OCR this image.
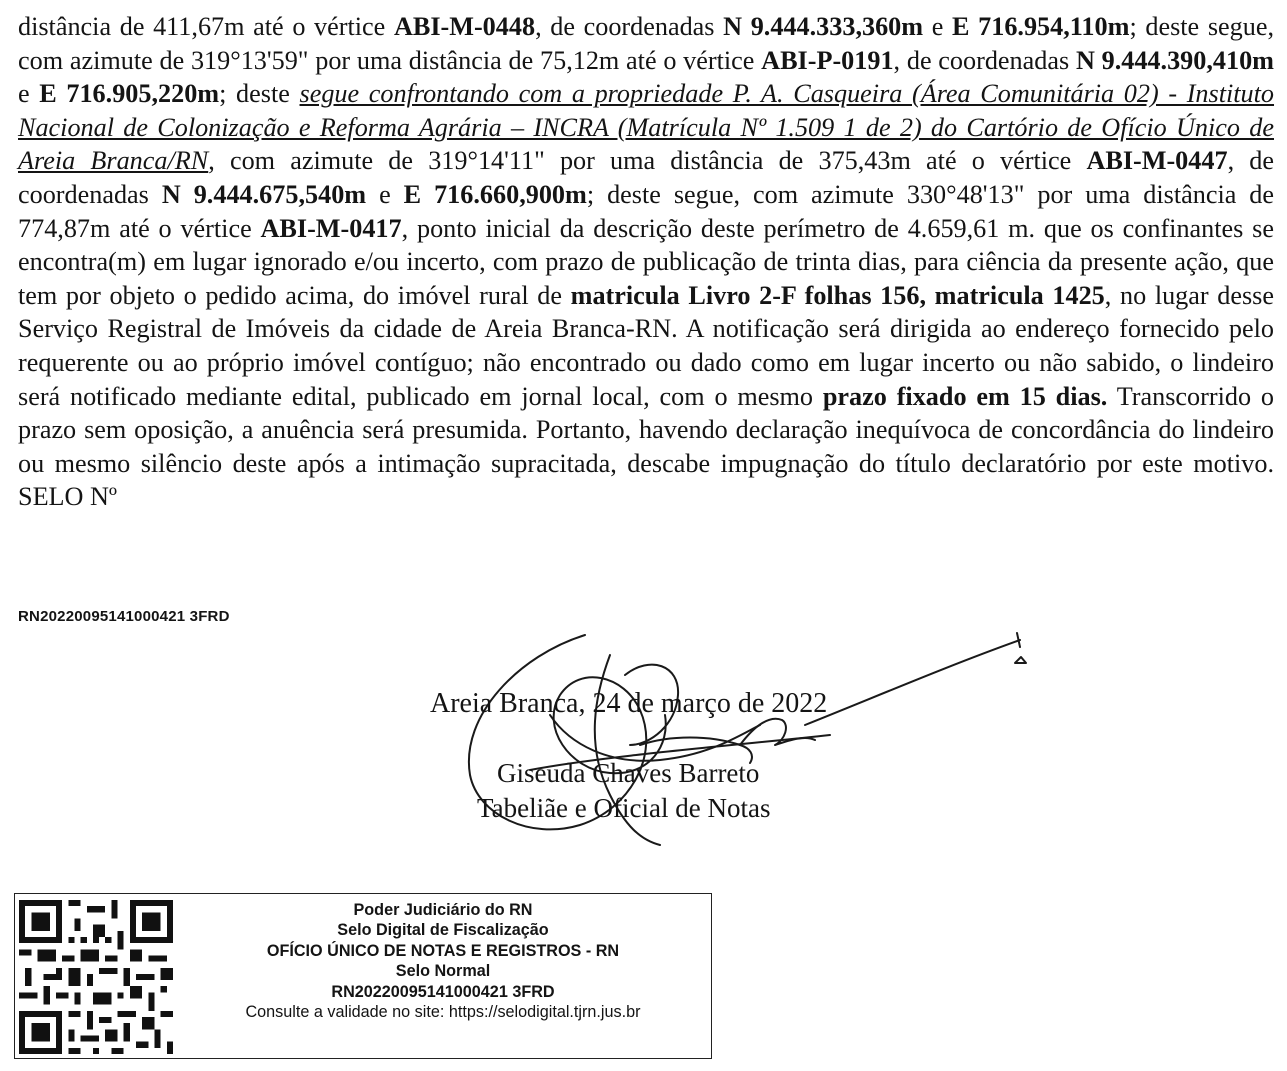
distância de 411,67m até o vértice ABI-M-0448, de coordenadas N 9.444.333,360m e E 716.954,110m; deste segue, com azimute de 319°13'59" por uma distância de 75,12m até o vértice ABI-P-0191, de coordenadas N 9.444.390,410m e E 716.905,220m; deste segue confrontando com a propriedade P. A. Casqueira (Área Comunitária 02) - Instituto Nacional de Colonização e Reforma Agrária – INCRA (Matrícula Nº 1.509 1 de 2) do Cartório de Ofício Único de Areia Branca/RN, com azimute de 319°14'11" por uma distância de 375,43m até o vértice ABI-M-0447, de coordenadas N 9.444.675,540m e E 716.660,900m; deste segue, com azimute 330°48'13" por uma distância de 774,87m até o vértice ABI-M-0417, ponto inicial da descrição deste perímetro de 4.659,61 m. que os confinantes se encontra(m) em lugar ignorado e/ou incerto, com prazo de publicação de trinta dias, para ciência da presente ação, que tem por objeto o pedido acima, do imóvel rural de matricula Livro 2-F folhas 156, matricula 1425, no lugar desse Serviço Registral de Imóveis da cidade de Areia Branca-RN. A notificação será dirigida ao endereço fornecido pelo requerente ou ao próprio imóvel contíguo; não encontrado ou dado como em lugar incerto ou não sabido, o lindeiro será notificado mediante edital, publicado em jornal local, com o mesmo prazo fixado em 15 dias. Transcorrido o prazo sem oposição, a anuência será presumida. Portanto, havendo declaração inequívoca de concordância do lindeiro ou mesmo silêncio deste após a intimação supracitada, descabe impugnação do título declaratório por este motivo. SELO Nº
RN20220095141000421 3FRD
Areia Branca, 24 de março de 2022
Giseuda Chaves Barreto
Tabeliãe e Oficial de Notas
Poder Judiciário do RN
Selo Digital de Fiscalização
OFÍCIO ÚNICO DE NOTAS E REGISTROS - RN
Selo Normal
RN20220095141000421 3FRD
Consulte a validade no site: https://selodigital.tjrn.jus.br
